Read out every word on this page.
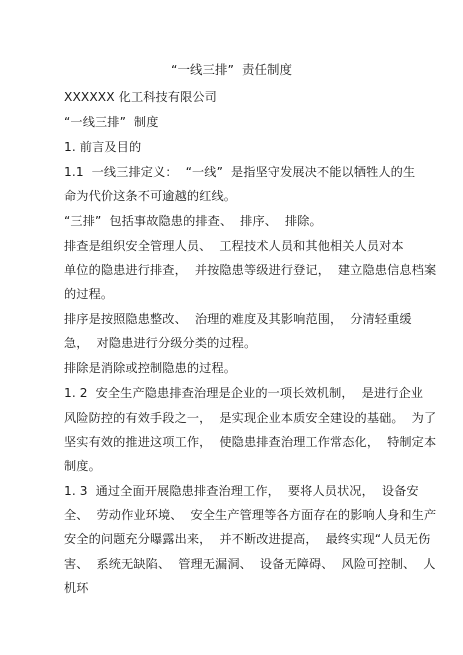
“一线三排”  责任制度
XXXXXX 化工科技有限公司
“一线三排”  制度
1. 前言及目的
1.1  一线三排定义：  “一线”  是指坚守发展决不能以牺牲人的生
命为代价这条不可逾越的红线。
“三排”  包括事故隐患的排查、  排序、  排除。
排查是组织安全管理人员、  工程技术人员和其他相关人员对本
单位的隐患进行排查，  并按隐患等级进行登记，  建立隐患信息档案
的过程。
排序是按照隐患整改、  治理的难度及其影响范围，  分清轻重缓
急，  对隐患进行分级分类的过程。
排除是消除或控制隐患的过程。
1. 2  安全生产隐患排查治理是企业的一项长效机制，  是进行企业
风险防控的有效手段之一，  是实现企业本质安全建设的基础。  为了
坚实有效的推进这项工作，  使隐患排查治理工作常态化，  特制定本
制度。
1. 3  通过全面开展隐患排查治理工作，  要将人员状况，  设备安
全、  劳动作业环境、  安全生产管理等各方面存在的影响人身和生产
安全的问题充分曝露出来，  并不断改进提高，  最终实现“人员无伤
害、  系统无缺陷、  管理无漏洞、  设备无障碍、  风险可控制、  人
机环
